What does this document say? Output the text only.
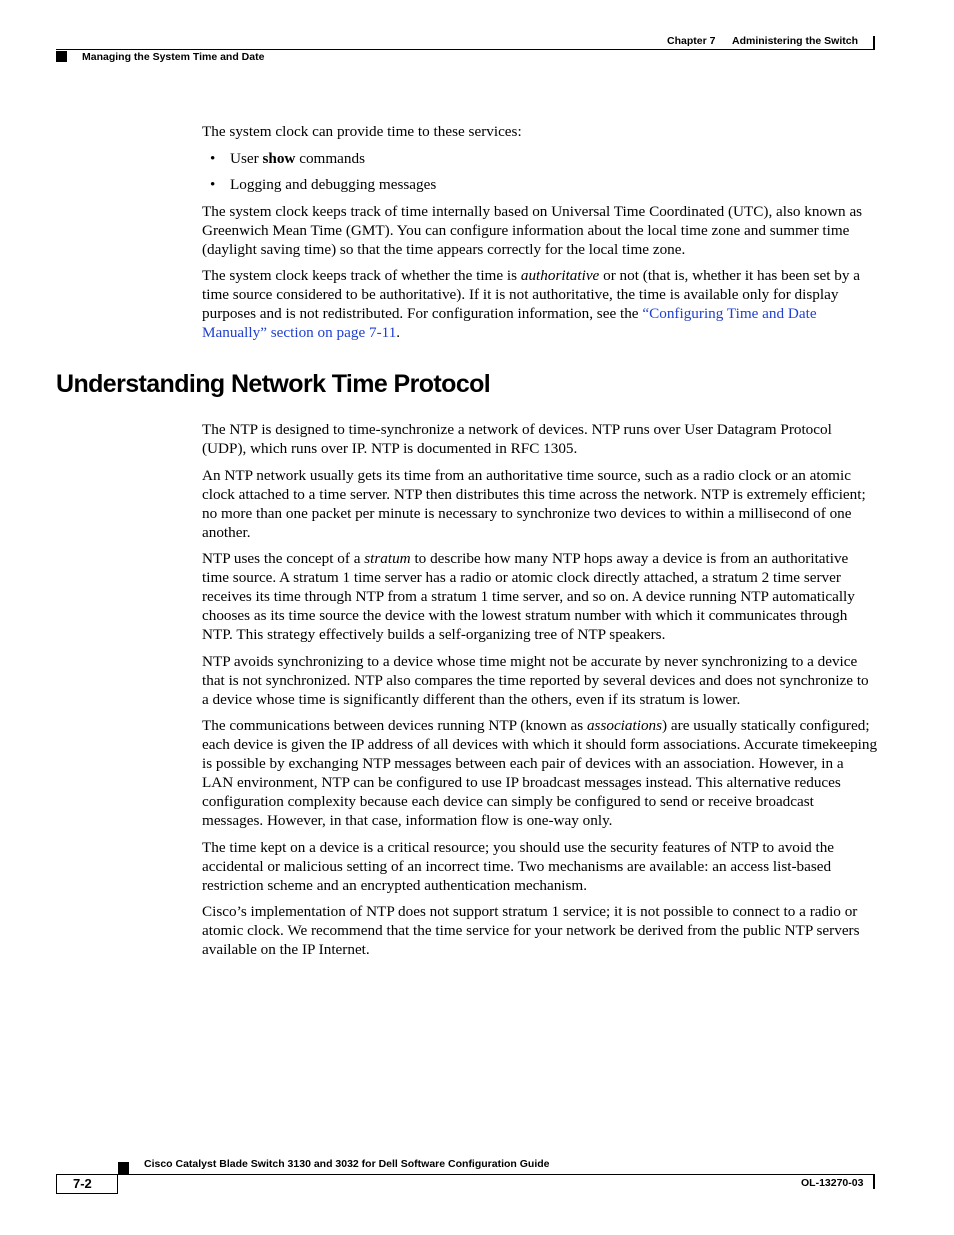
Chapter 7 Administering the Switch
Managing the System Time and Date

The system clock can provide time to these services:

• User show commands
• Logging and debugging messages

The system clock keeps track of time internally based on Universal Time Coordinated (UTC), also known as Greenwich Mean Time (GMT). You can configure information about the local time zone and summer time (daylight saving time) so that the time appears correctly for the local time zone.

The system clock keeps track of whether the time is authoritative or not (that is, whether it has been set by a time source considered to be authoritative). If it is not authoritative, the time is available only for display purposes and is not redistributed. For configuration information, see the “Configuring Time and Date Manually” section on page 7-11.

Understanding Network Time Protocol

The NTP is designed to time-synchronize a network of devices. NTP runs over User Datagram Protocol (UDP), which runs over IP. NTP is documented in RFC 1305.

An NTP network usually gets its time from an authoritative time source, such as a radio clock or an atomic clock attached to a time server. NTP then distributes this time across the network. NTP is extremely efficient; no more than one packet per minute is necessary to synchronize two devices to within a millisecond of one another.

NTP uses the concept of a stratum to describe how many NTP hops away a device is from an authoritative time source. A stratum 1 time server has a radio or atomic clock directly attached, a stratum 2 time server receives its time through NTP from a stratum 1 time server, and so on. A device running NTP automatically chooses as its time source the device with the lowest stratum number with which it communicates through NTP. This strategy effectively builds a self-organizing tree of NTP speakers.

NTP avoids synchronizing to a device whose time might not be accurate by never synchronizing to a device that is not synchronized. NTP also compares the time reported by several devices and does not synchronize to a device whose time is significantly different than the others, even if its stratum is lower.

The communications between devices running NTP (known as associations) are usually statically configured; each device is given the IP address of all devices with which it should form associations. Accurate timekeeping is possible by exchanging NTP messages between each pair of devices with an association. However, in a LAN environment, NTP can be configured to use IP broadcast messages instead. This alternative reduces configuration complexity because each device can simply be configured to send or receive broadcast messages. However, in that case, information flow is one-way only.

The time kept on a device is a critical resource; you should use the security features of NTP to avoid the accidental or malicious setting of an incorrect time. Two mechanisms are available: an access list-based restriction scheme and an encrypted authentication mechanism.

Cisco’s implementation of NTP does not support stratum 1 service; it is not possible to connect to a radio or atomic clock. We recommend that the time service for your network be derived from the public NTP servers available on the IP Internet.

Cisco Catalyst Blade Switch 3130 and 3032 for Dell Software Configuration Guide
7-2	OL-13270-03
